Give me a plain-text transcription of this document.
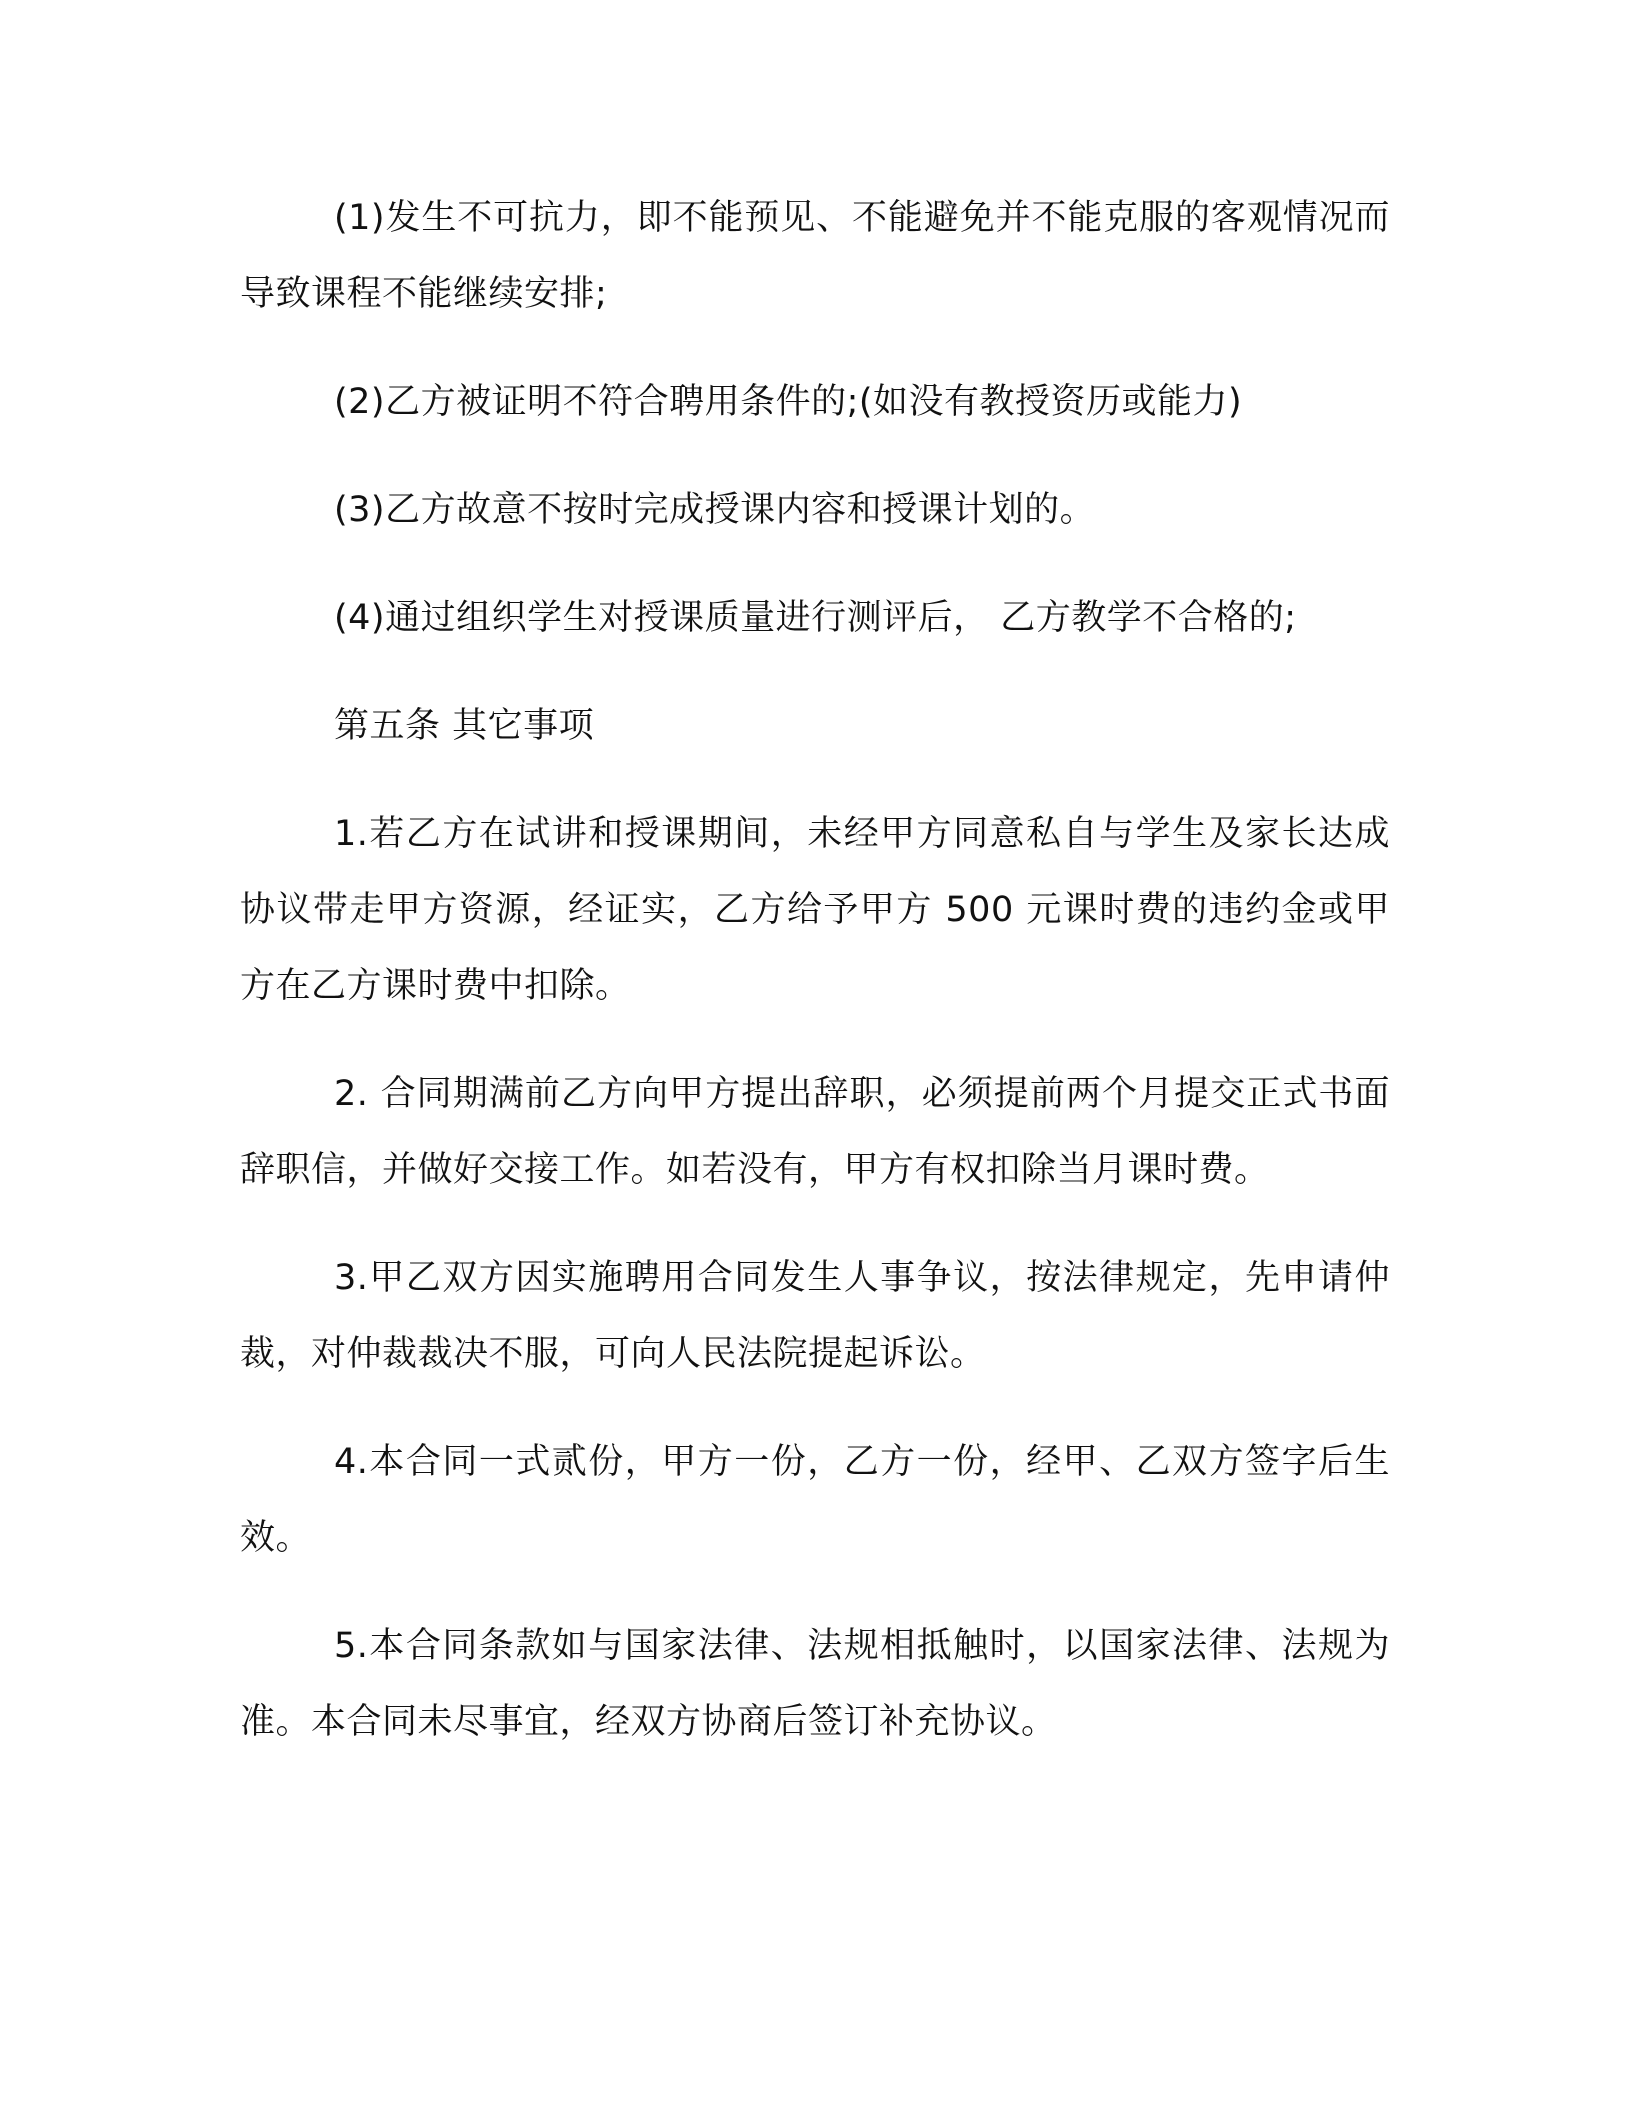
(1)发生不可抗力，即不能预见、不能避免并不能克服的客观情况而导致课程不能继续安排;

(2)乙方被证明不符合聘用条件的;(如没有教授资历或能力)

(3)乙方故意不按时完成授课内容和授课计划的。

(4)通过组织学生对授课质量进行测评后， 乙方教学不合格的;

第五条 其它事项

1.若乙方在试讲和授课期间，未经甲方同意私自与学生及家长达成协议带走甲方资源，经证实，乙方给予甲方 500 元课时费的违约金或甲方在乙方课时费中扣除。

2. 合同期满前乙方向甲方提出辞职，必须提前两个月提交正式书面辞职信，并做好交接工作。如若没有，甲方有权扣除当月课时费。

3.甲乙双方因实施聘用合同发生人事争议，按法律规定，先申请仲裁，对仲裁裁决不服，可向人民法院提起诉讼。

4.本合同一式贰份，甲方一份，乙方一份，经甲、乙双方签字后生效。

5.本合同条款如与国家法律、法规相抵触时，以国家法律、法规为准。本合同未尽事宜，经双方协商后签订补充协议。
